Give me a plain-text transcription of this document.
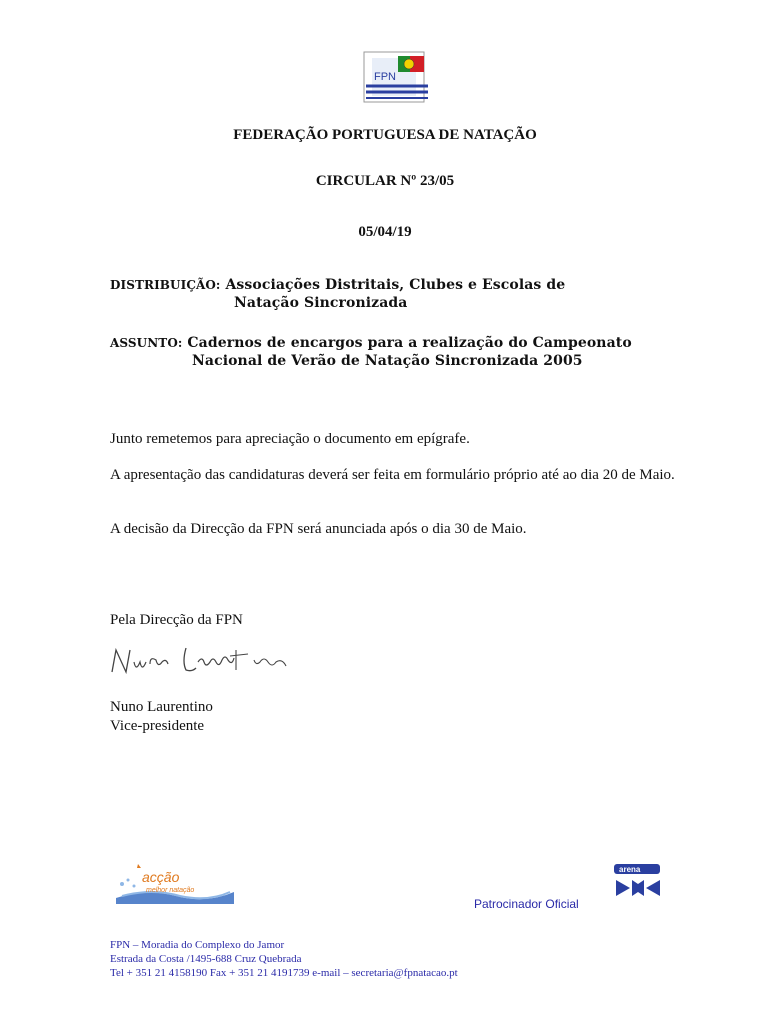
FPN
FEDERAÇÃO PORTUGUESA DE NATAÇÃO
CIRCULAR Nº 23/05
05/04/19
DISTRIBUIÇÃO: Associações Distritais, Clubes e Escolas de
Natação Sincronizada
ASSUNTO: Cadernos de encargos para a realização do Campeonato
Nacional de Verão de Natação Sincronizada 2005
Junto remetemos para apreciação o documento em epígrafe.
A apresentação das candidaturas deverá ser feita em formulário próprio até ao dia 20 de Maio.
A decisão da Direcção da FPN será anunciada após o dia 30 de Maio.
Pela Direcção da FPN
Nuno Laurentino
Vice-presidente
acção
melhor natação
arena
Patrocinador Oficial
FPN – Moradia do Complexo do Jamor
Estrada da Costa /1495-688 Cruz Quebrada
Tel + 351 21 4158190 Fax + 351 21 4191739 e-mail – secretaria@fpnatacao.pt
